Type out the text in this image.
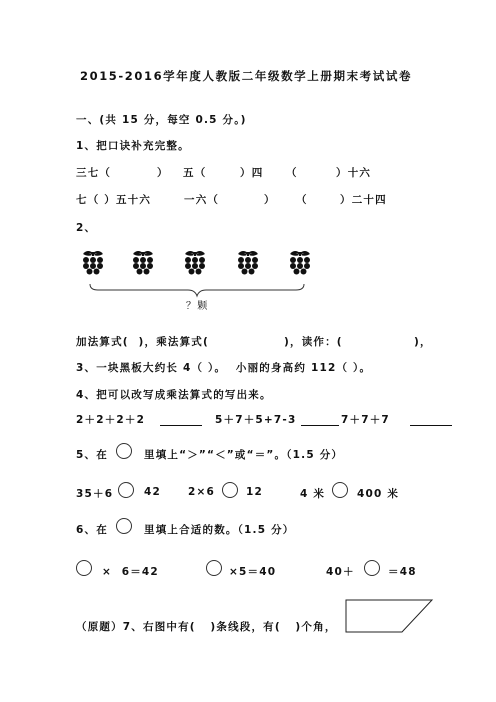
2015-2016学年度人教版二年级数学上册期末考试试卷
一、(共 15 分，每空 0.5 分。)
1、把口诀补充完整。
三七（	） 五（	）四 （	）十六
七（ ）五十六	一六（	） （	）二十四
2、
？颗
加法算式(  )，乘法算式(	)，读作：(	)，
3、一块黑板大约长 4（ ）。  小丽的身高约 112（ ）。
4、把可以改写成乘法算式的写出来。
2＋2＋2＋2	5＋7＋5+7-3	7＋7＋7
5、在	里填上“＞”“＜”或“＝”。（1.5 分）
35＋6	42	2×6	12	4 米	400 米
6、在	里填上合适的数。（1.5 分）
×  6＝42	×5＝40	40＋	＝48
（原题）7、右图中有(   )条线段，有(   )个角，
